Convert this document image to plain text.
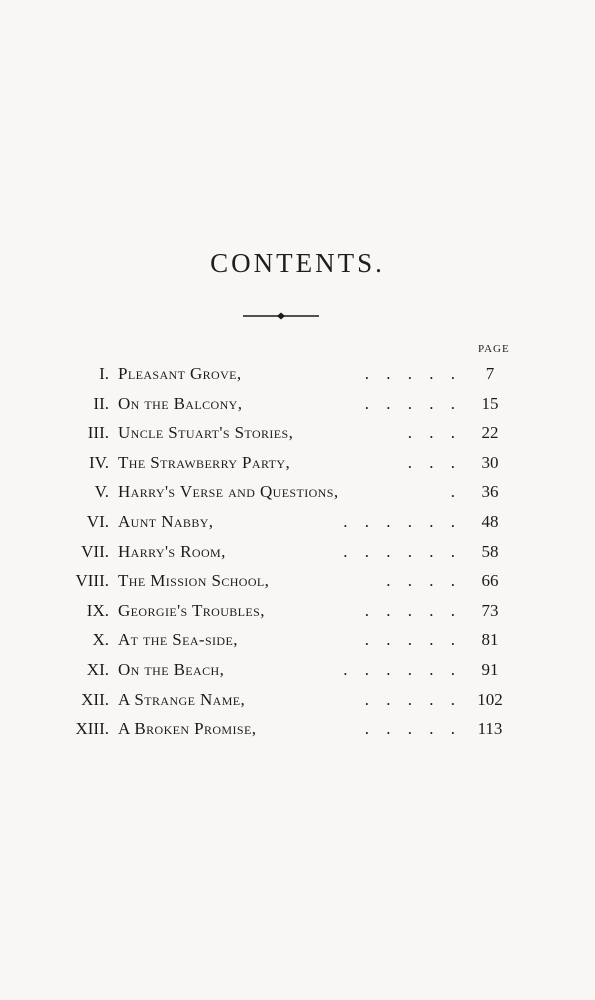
CONTENTS.
PAGE
I. Pleasant Grove,	. . . . .	7
II. On the Balcony,	. . . . .	15
III. Uncle Stuart's Stories,	. . .	22
IV. The Strawberry Party,	. . .	30
V. Harry's Verse and Questions,	.	36
VI. Aunt Nabby,	. . . . . .	48
VII. Harry's Room,	. . . . . .	58
VIII. The Mission School,	. . . .	66
IX. Georgie's Troubles,	. . . . .	73
X. At the Sea-side,	. . . . .	81
XI. On the Beach,	. . . . . .	91
XII. A Strange Name,	. . . . .	102
XIII. A Broken Promise,	. . . . .	113
